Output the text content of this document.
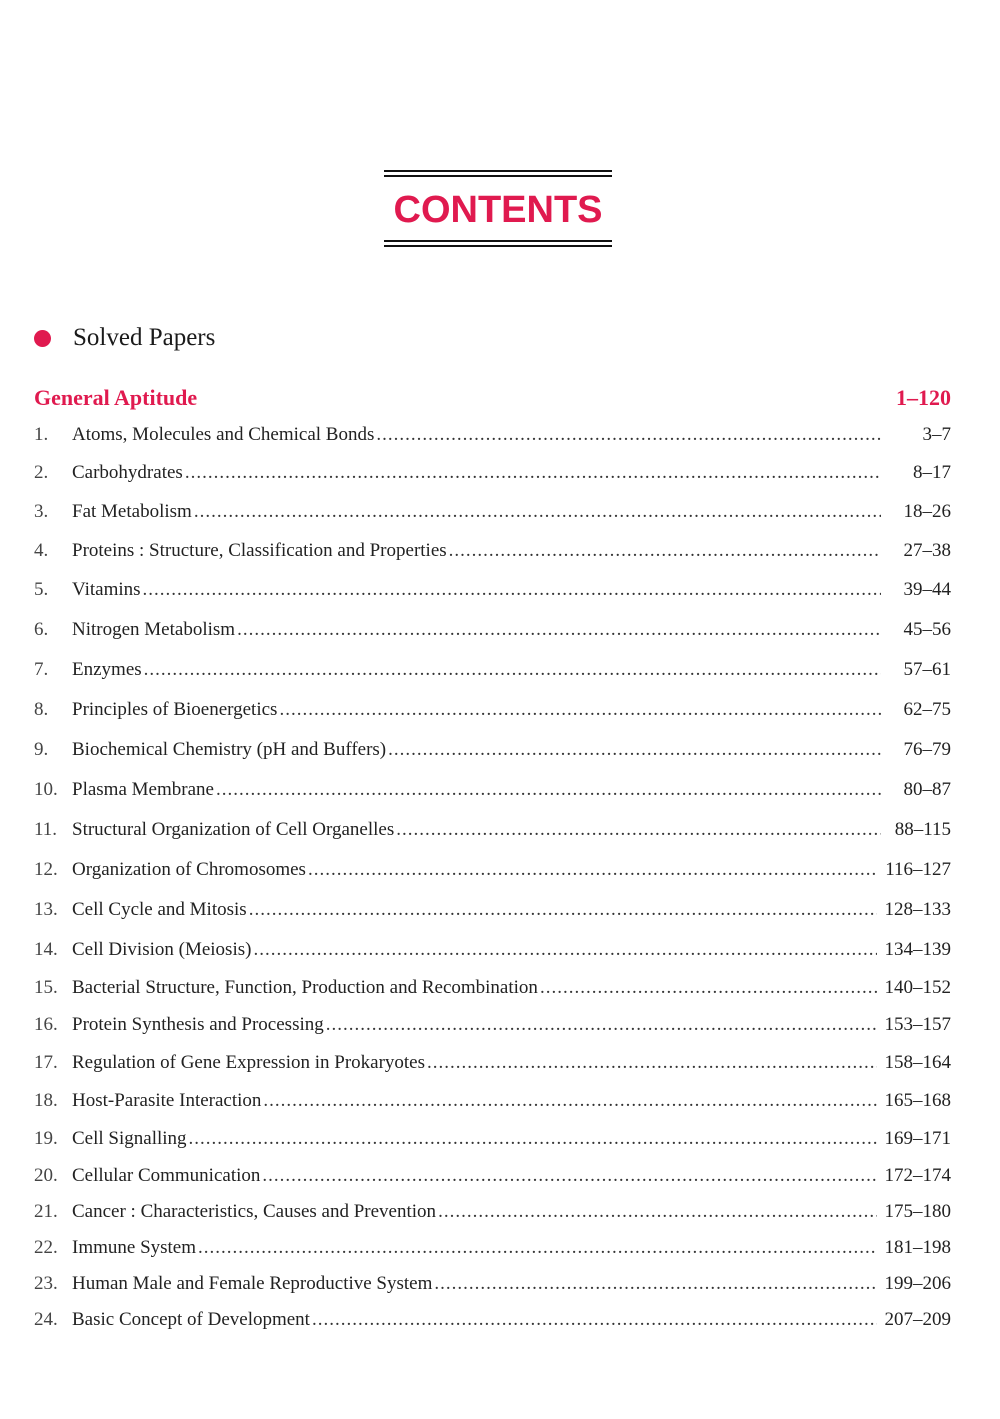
CONTENTS
Solved Papers
General Aptitude	1–120
1.	Atoms, Molecules and Chemical Bonds .....	3–7
2.	Carbohydrates .....	8–17
3.	Fat Metabolism .....	18–26
4.	Proteins : Structure, Classification and Properties .....	27–38
5.	Vitamins .....	39–44
6.	Nitrogen Metabolism .....	45–56
7.	Enzymes .....	57–61
8.	Principles of Bioenergetics .....	62–75
9.	Biochemical Chemistry (pH and Buffers) .....	76–79
10. Plasma Membrane .....	80–87
11. Structural Organization of Cell Organelles .....	88–115
12. Organization of Chromosomes .....	116–127
13. Cell Cycle and Mitosis .....	128–133
14. Cell Division (Meiosis) .....	134–139
15. Bacterial Structure, Function, Production and Recombination .....	140–152
16. Protein Synthesis and Processing .....	153–157
17. Regulation of Gene Expression in Prokaryotes .....	158–164
18. Host-Parasite Interaction .....	165–168
19. Cell Signalling .....	169–171
20. Cellular Communication .....	172–174
21. Cancer : Characteristics, Causes and Prevention .....	175–180
22. Immune System .....	181–198
23. Human Male and Female Reproductive System .....	199–206
24. Basic Concept of Development .....	207–209
